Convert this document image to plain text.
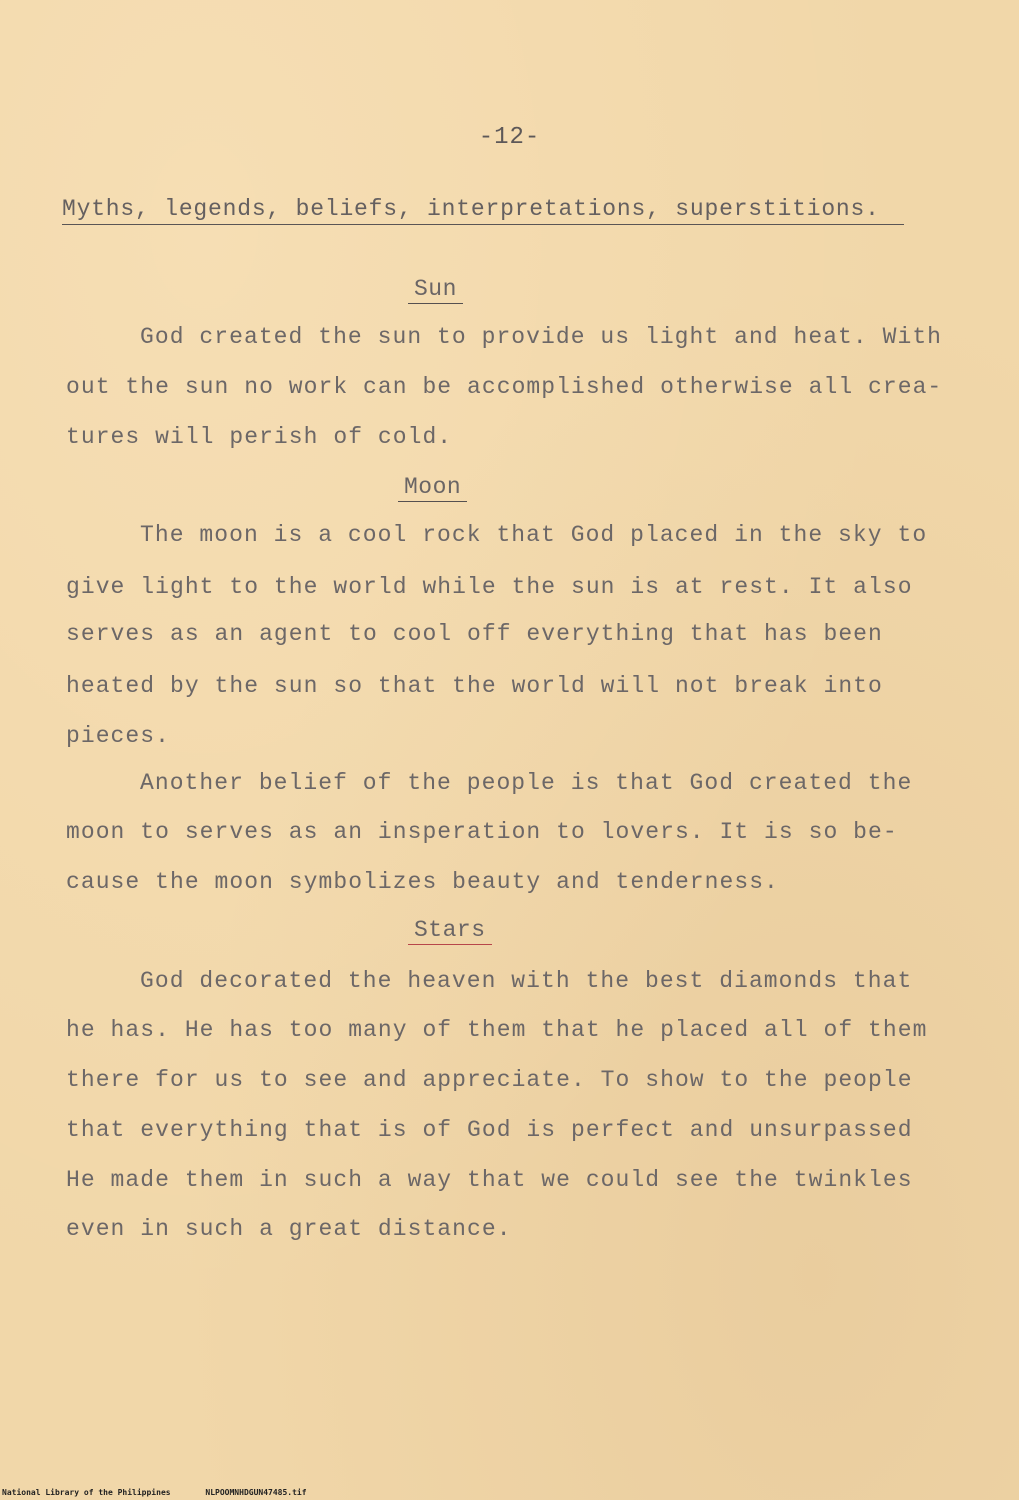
-12-
Myths, legends, beliefs, interpretations, superstitions.
Sun
God created the sun to provide us light and heat. With
out the sun no work can be accomplished otherwise all crea-
tures will perish of cold.
Moon
The moon is a cool rock that God placed in the sky to
give light to the world while the sun is at rest. It also
serves as an agent to cool off everything that has been
heated by the sun so that the world will not break into
pieces.
Another belief of the people is that God created the
moon to serves as an insperation to lovers. It is so be-
cause the moon symbolizes beauty and tenderness.
Stars
God decorated the heaven with the best diamonds that
he has. He has too many of them that he placed all of them
there for us to see and appreciate. To show to the people
that everything that is of God is perfect and unsurpassed
He made them in such a way that we could see the twinkles
even in such a great distance.
National Library of the Philippines	NLPOOMNHDGUN47485.tif
